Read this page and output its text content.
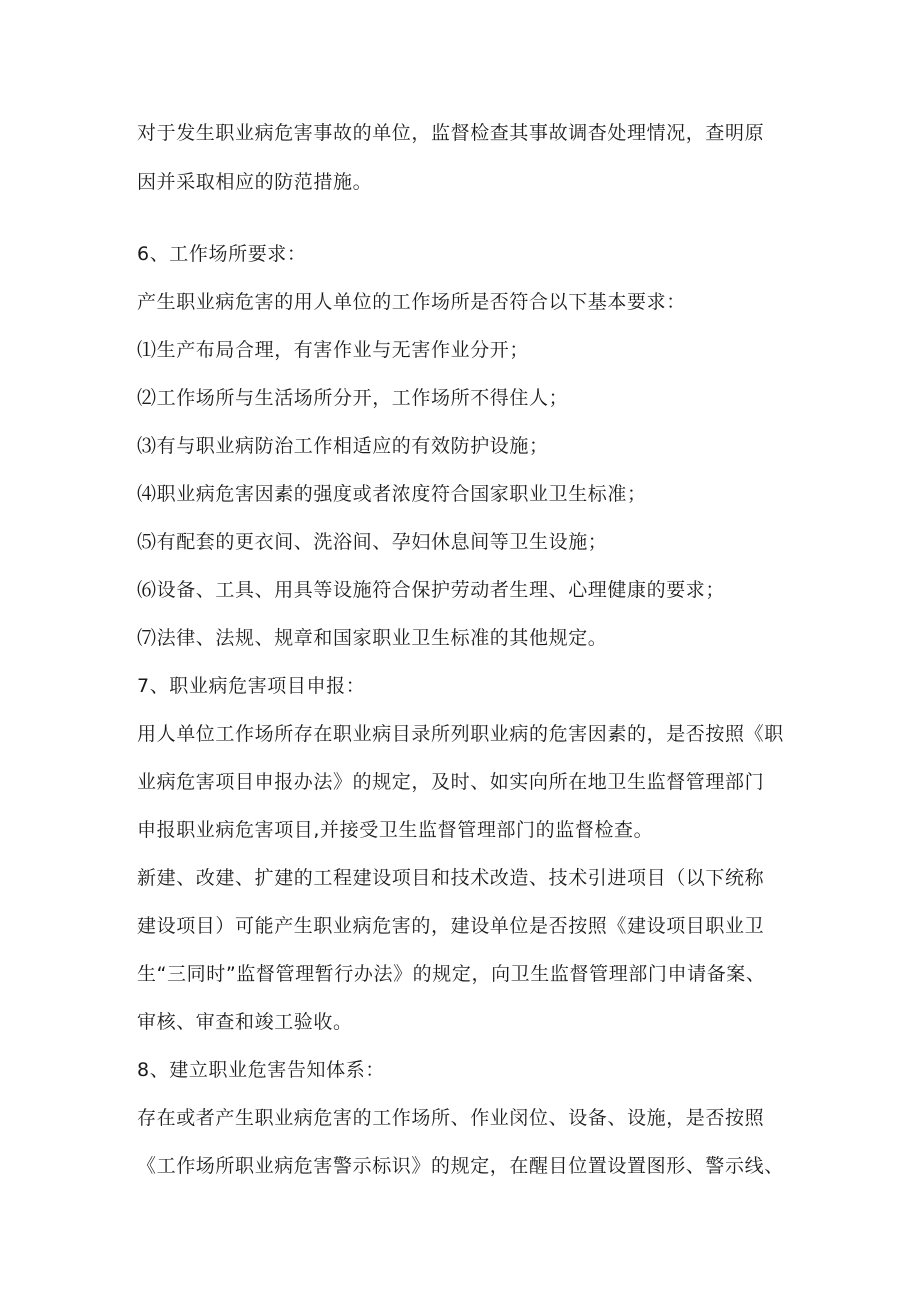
对于发生职业病危害事故的单位，监督检查其事故调杳处理情况，查明原
因并采取相应的防范措施。
6、工作场所要求：
产生职业病危害的用人单位的工作场所是否符合以下基本要求：
⑴生产布局合理，有害作业与无害作业分开；
⑵工作场所与生活场所分开，工作场所不得住人；
⑶有与职业病防治工作相适应的有效防护设施；
⑷职业病危害因素的强度或者浓度符合国家职业卫生标准；
⑸有配套的更衣间、洗浴间、孕妇休息间等卫生设施；
⑹设备、工具、用具等设施符合保护劳动者生理、心理健康的要求；
⑺法律、法规、规章和国家职业卫生标准的其他规定。
7、职业病危害项目申报：
用人单位工作场所存在职业病目录所列职业病的危害因素的，是否按照《职
业病危害项目申报办法》的规定，及时、如实向所在地卫生监督管理部门
申报职业病危害项目,并接受卫生监督管理部门的监督检查。
新建、改建、扩建的工程建设项目和技术改造、技术引进项目（以下统称
建设项目）可能产生职业病危害的，建设单位是否按照《建设项目职业卫
生“三同时”监督管理暂行办法》的规定，向卫生监督管理部门申请备案、
审核、审查和竣工验收。
8、建立职业危害告知体系：
存在或者产生职业病危害的工作场所、作业闵位、设备、设施，是否按照
《工作场所职业病危害警示标识》的规定，在醒目位置设置图形、警示线、
